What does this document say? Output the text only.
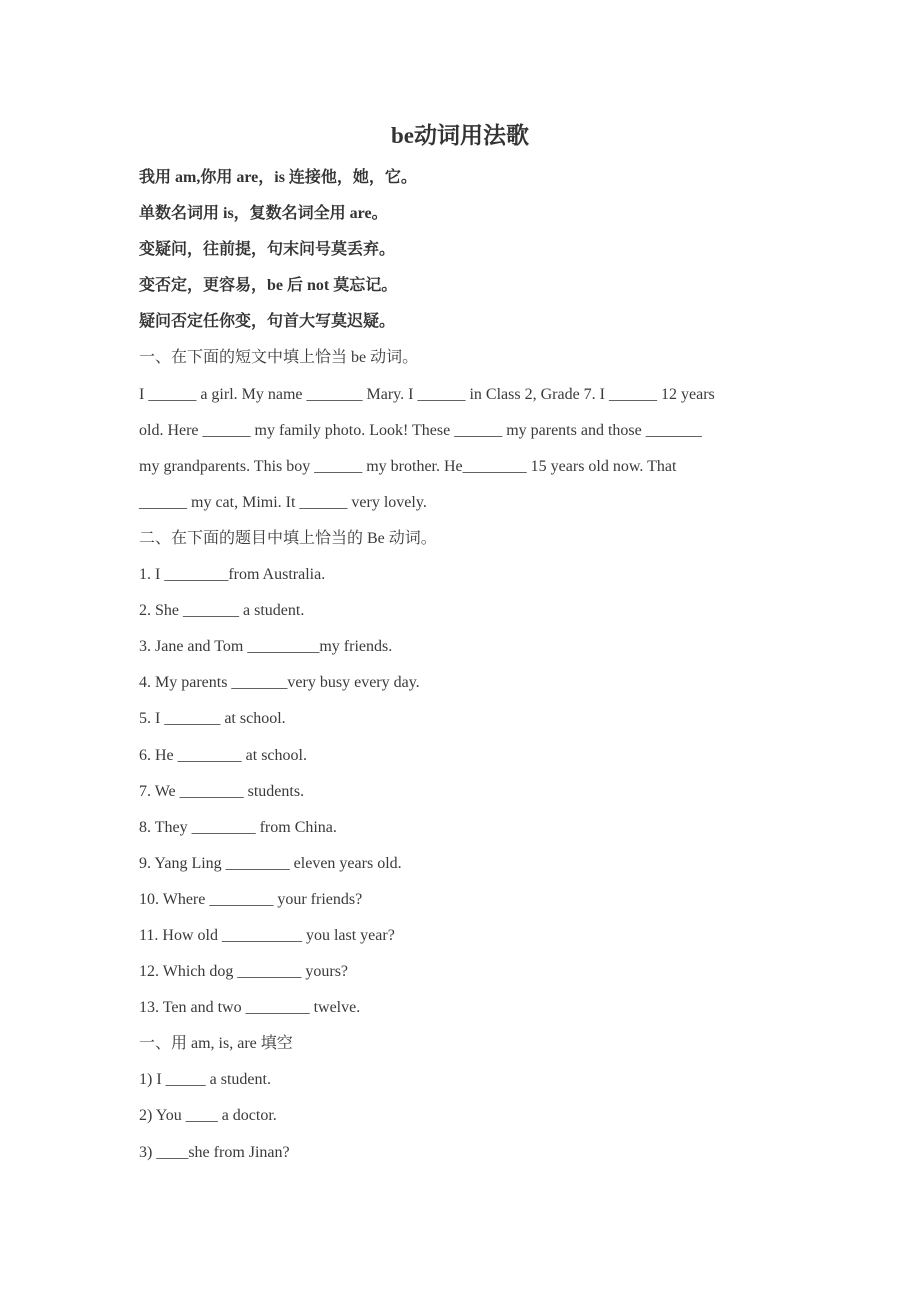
be动词用法歌
我用 am,你用 are，is 连接他，她，它。
单数名词用 is，复数名词全用 are。
变疑问，往前提，句末问号莫丢弃。
变否定，更容易，be 后 not 莫忘记。
疑问否定任你变，句首大写莫迟疑。
一、在下面的短文中填上恰当 be 动词。
I ______ a girl. My name _______ Mary. I ______ in Class 2, Grade 7. I ______ 12 years
old. Here ______ my family photo. Look! These ______ my parents and those _______
my grandparents. This boy ______ my brother. He________ 15 years old now. That
______ my cat, Mimi. It ______ very lovely.
二、在下面的题目中填上恰当的 Be 动词。
1. I ________from Australia.
2. She _______ a student.
3. Jane and Tom _________my friends.
4. My parents _______very busy every day.
5. I _______ at school.
6. He ________ at school.
7. We ________ students.
8. They ________ from China.
9. Yang Ling ________ eleven years old.
10. Where ________ your friends?
11. How old __________ you last year?
12. Which dog ________ yours?
13. Ten and two ________ twelve.
一、用 am, is, are 填空
1) I _____ a student.
2) You ____ a doctor.
3) ____she from Jinan?
